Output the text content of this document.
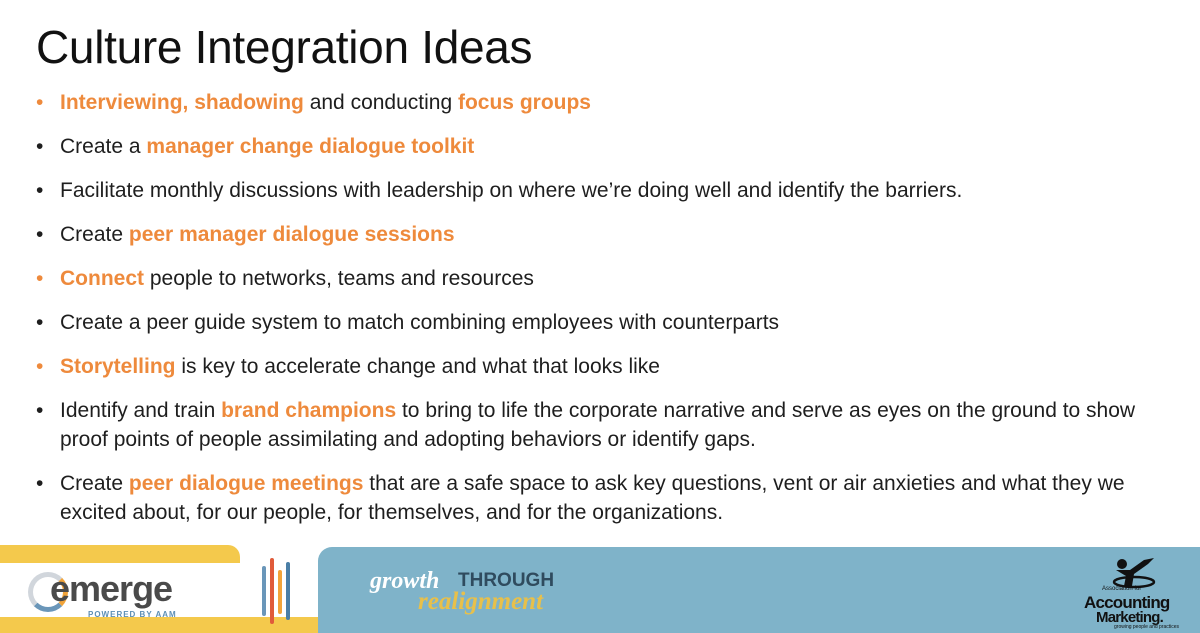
Culture Integration Ideas
• Interviewing, shadowing and conducting focus groups
• Create a manager change dialogue toolkit
• Facilitate monthly discussions with leadership on where we’re doing well and identify the barriers.
• Create peer manager dialogue sessions
• Connect people to networks, teams and resources
• Create a peer guide system to match combining employees with counterparts
• Storytelling is key to accelerate change and what that looks like
• Identify and train brand champions to bring to life the corporate narrative and serve as eyes on the ground to show proof points of people assimilating and adopting behaviors or identify gaps.
• Create peer dialogue meetings that are a safe space to ask key questions, vent or air anxieties and what they we excited about, for our people, for themselves, and for the organizations.
emerge
POWERED BY AAM
growth THROUGH
realignment	Association for
Accounting
Marketing.
growing people and practices
